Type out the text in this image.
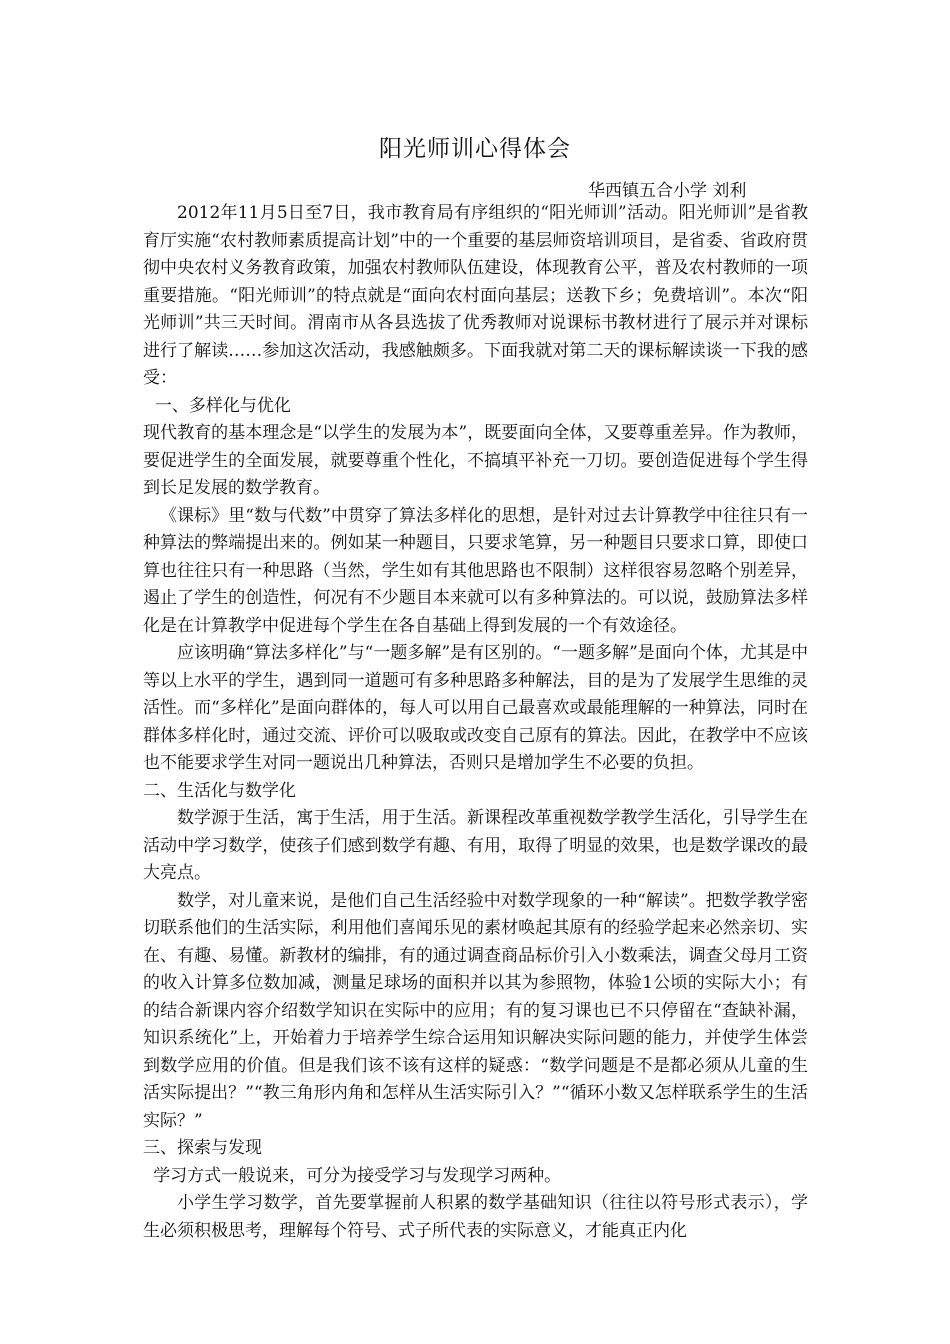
阳光师训心得体会
华西镇五合小学 刘利

2012年11月5日至7日，我市教育局有序组织的“阳光师训”活动。阳光师训”是省教育厅实施“农村教师素质提高计划”中的一个重要的基层师资培训项目，是省委、省政府贯彻中央农村义务教育政策，加强农村教师队伍建设，体现教育公平，普及农村教师的一项重要措施。“阳光师训”的特点就是“面向农村面向基层；送教下乡；免费培训”。本次“阳光师训”共三天时间。渭南市从各县选拔了优秀教师对说课标书教材进行了展示并对课标进行了解读……参加这次活动，我感触颇多。下面我就对第二天的课标解读谈一下我的感受：

一、多样化与优化

现代教育的基本理念是“以学生的发展为本”，既要面向全体，又要尊重差异。作为教师，要促进学生的全面发展，就要尊重个性化，不搞填平补充一刀切。要创造促进每个学生得到长足发展的数学教育。

《课标》里“数与代数”中贯穿了算法多样化的思想，是针对过去计算教学中往往只有一种算法的弊端提出来的。例如某一种题目，只要求笔算，另一种题目只要求口算，即使口算也往往只有一种思路（当然，学生如有其他思路也不限制）这样很容易忽略个别差异，遏止了学生的创造性，何况有不少题目本来就可以有多种算法的。可以说，鼓励算法多样化是在计算教学中促进每个学生在各自基础上得到发展的一个有效途径。

应该明确“算法多样化”与“一题多解”是有区别的。“一题多解”是面向个体，尤其是中等以上水平的学生，遇到同一道题可有多种思路多种解法，目的是为了发展学生思维的灵活性。而“多样化”是面向群体的，每人可以用自己最喜欢或最能理解的一种算法，同时在群体多样化时，通过交流、评价可以吸取或改变自己原有的算法。因此，在教学中不应该也不能要求学生对同一题说出几种算法，否则只是增加学生不必要的负担。

二、生活化与数学化

数学源于生活，寓于生活，用于生活。新课程改革重视数学教学生活化，引导学生在活动中学习数学，使孩子们感到数学有趣、有用，取得了明显的效果，也是数学课改的最大亮点。

数学，对儿童来说，是他们自己生活经验中对数学现象的一种“解读”。把数学教学密切联系他们的生活实际，利用他们喜闻乐见的素材唤起其原有的经验学起来必然亲切、实在、有趣、易懂。新教材的编排，有的通过调查商品标价引入小数乘法，调查父母月工资的收入计算多位数加减，测量足球场的面积并以其为参照物，体验1公顷的实际大小；有的结合新课内容介绍数学知识在实际中的应用；有的复习课也已不只停留在“查缺补漏，知识系统化”上，开始着力于培养学生综合运用知识解决实际问题的能力，并使学生体尝到数学应用的价值。但是我们该不该有这样的疑惑：“数学问题是不是都必须从儿童的生活实际提出？”“教三角形内角和怎样从生活实际引入？”“循环小数又怎样联系学生的生活实际？”

三、探索与发现

学习方式一般说来，可分为接受学习与发现学习两种。

小学生学习数学，首先要掌握前人积累的数学基础知识（往往以符号形式表示），学生必须积极思考，理解每个符号、式子所代表的实际意义，才能真正内化
